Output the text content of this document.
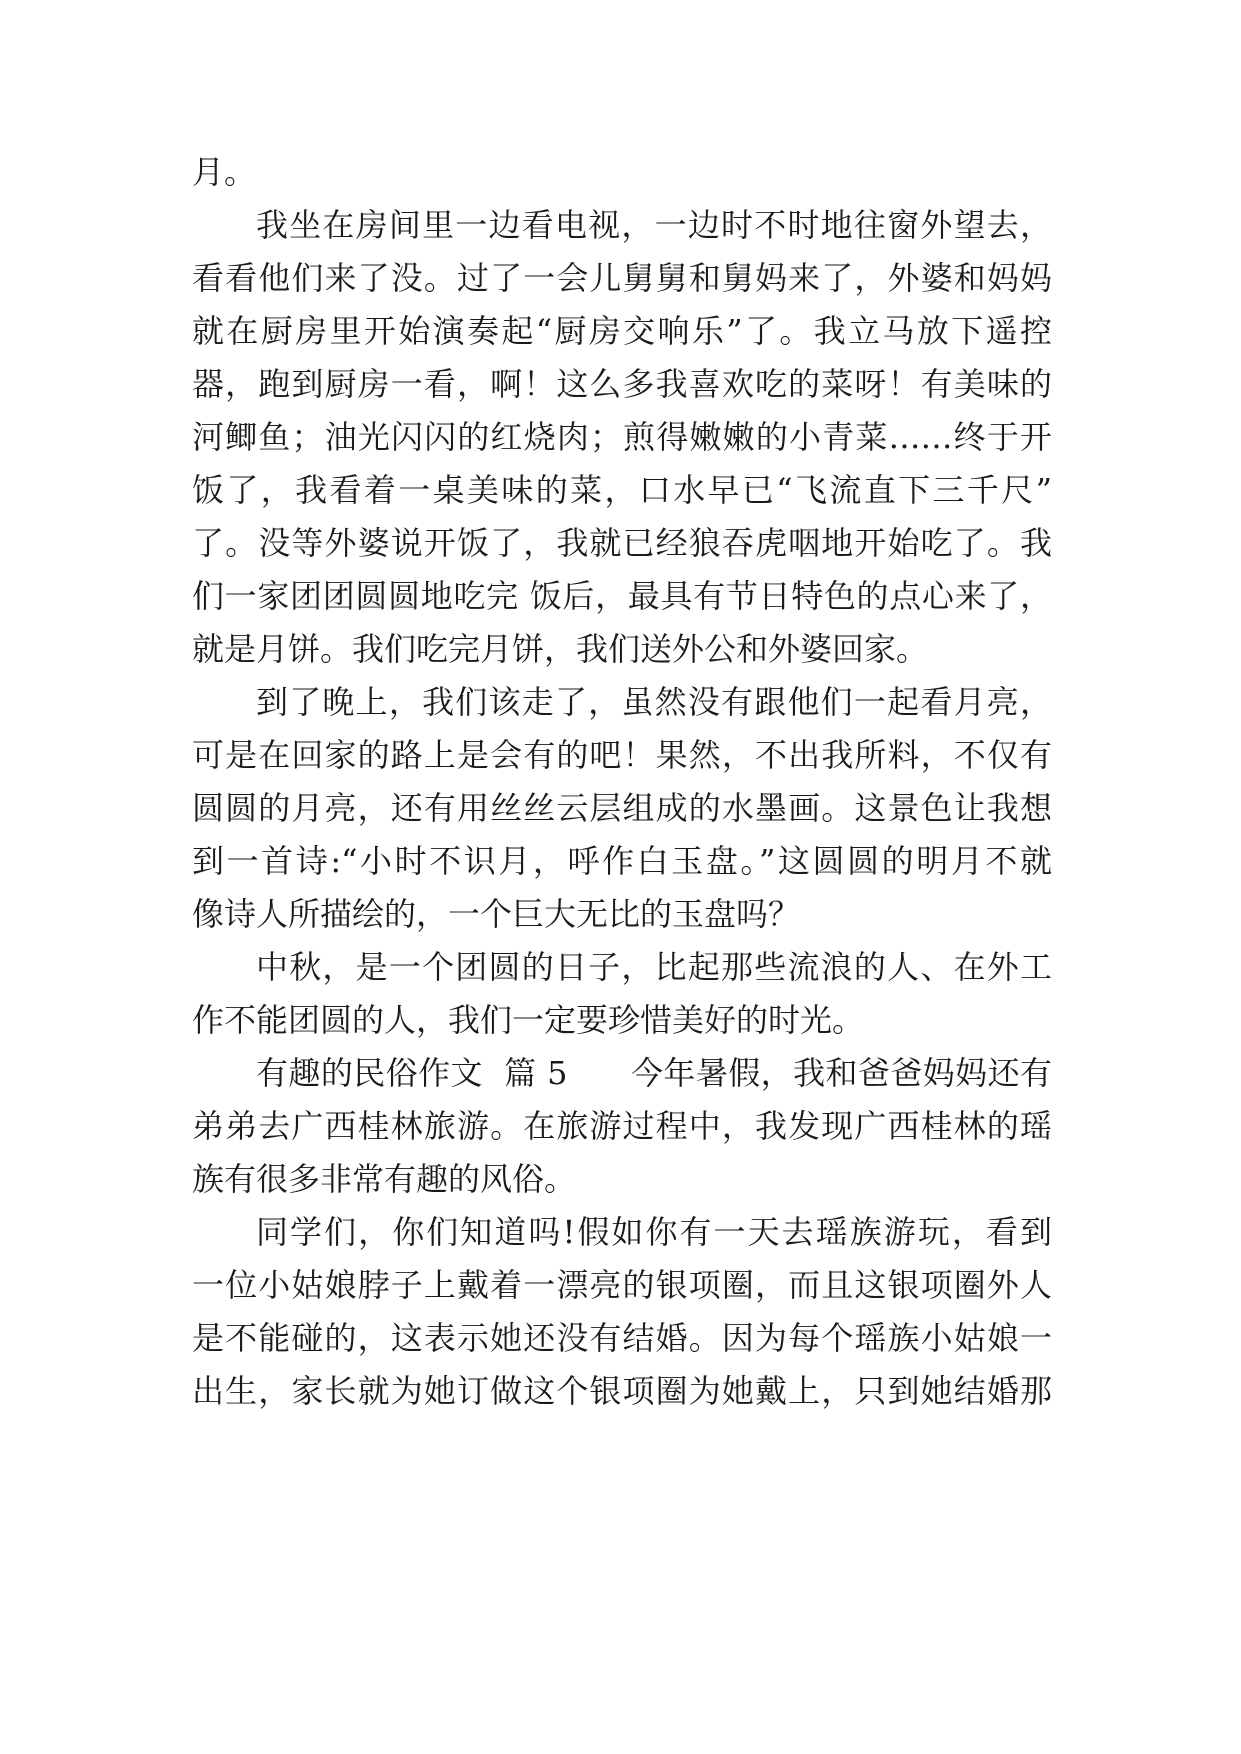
月。
我坐在房间里一边看电视，一边时不时地往窗外望去，
看看他们来了没。过了一会儿舅舅和舅妈来了，外婆和妈妈
就在厨房里开始演奏起“厨房交响乐”了。我立马放下遥控
器，跑到厨房一看，啊！这么多我喜欢吃的菜呀！有美味的
河鲫鱼；油光闪闪的红烧肉；煎得嫩嫩的小青菜……终于开
饭了，我看着一桌美味的菜，口水早已“飞流直下三千尺”
了。没等外婆说开饭了，我就已经狼吞虎咽地开始吃了。我
们一家团团圆圆地吃完 饭后，最具有节日特色的点心来了，
就是月饼。我们吃完月饼，我们送外公和外婆回家。
到了晚上，我们该走了，虽然没有跟他们一起看月亮，
可是在回家的路上是会有的吧！果然，不出我所料，不仅有
圆圆的月亮，还有用丝丝云层组成的水墨画。这景色让我想
到一首诗:“小时不识月，呼作白玉盘。”这圆圆的明月不就
像诗人所描绘的，一个巨大无比的玉盘吗？
中秋，是一个团圆的日子，比起那些流浪的人、在外工
作不能团圆的人，我们一定要珍惜美好的时光。
有趣的民俗作文  篇 5      今年暑假，我和爸爸妈妈还有
弟弟去广西桂林旅游。在旅游过程中，我发现广西桂林的瑶
族有很多非常有趣的风俗。
同学们，你们知道吗!假如你有一天去瑶族游玩，看到
一位小姑娘脖子上戴着一漂亮的银项圈，而且这银项圈外人
是不能碰的，这表示她还没有结婚。因为每个瑶族小姑娘一
出生，家长就为她订做这个银项圈为她戴上，只到她结婚那
